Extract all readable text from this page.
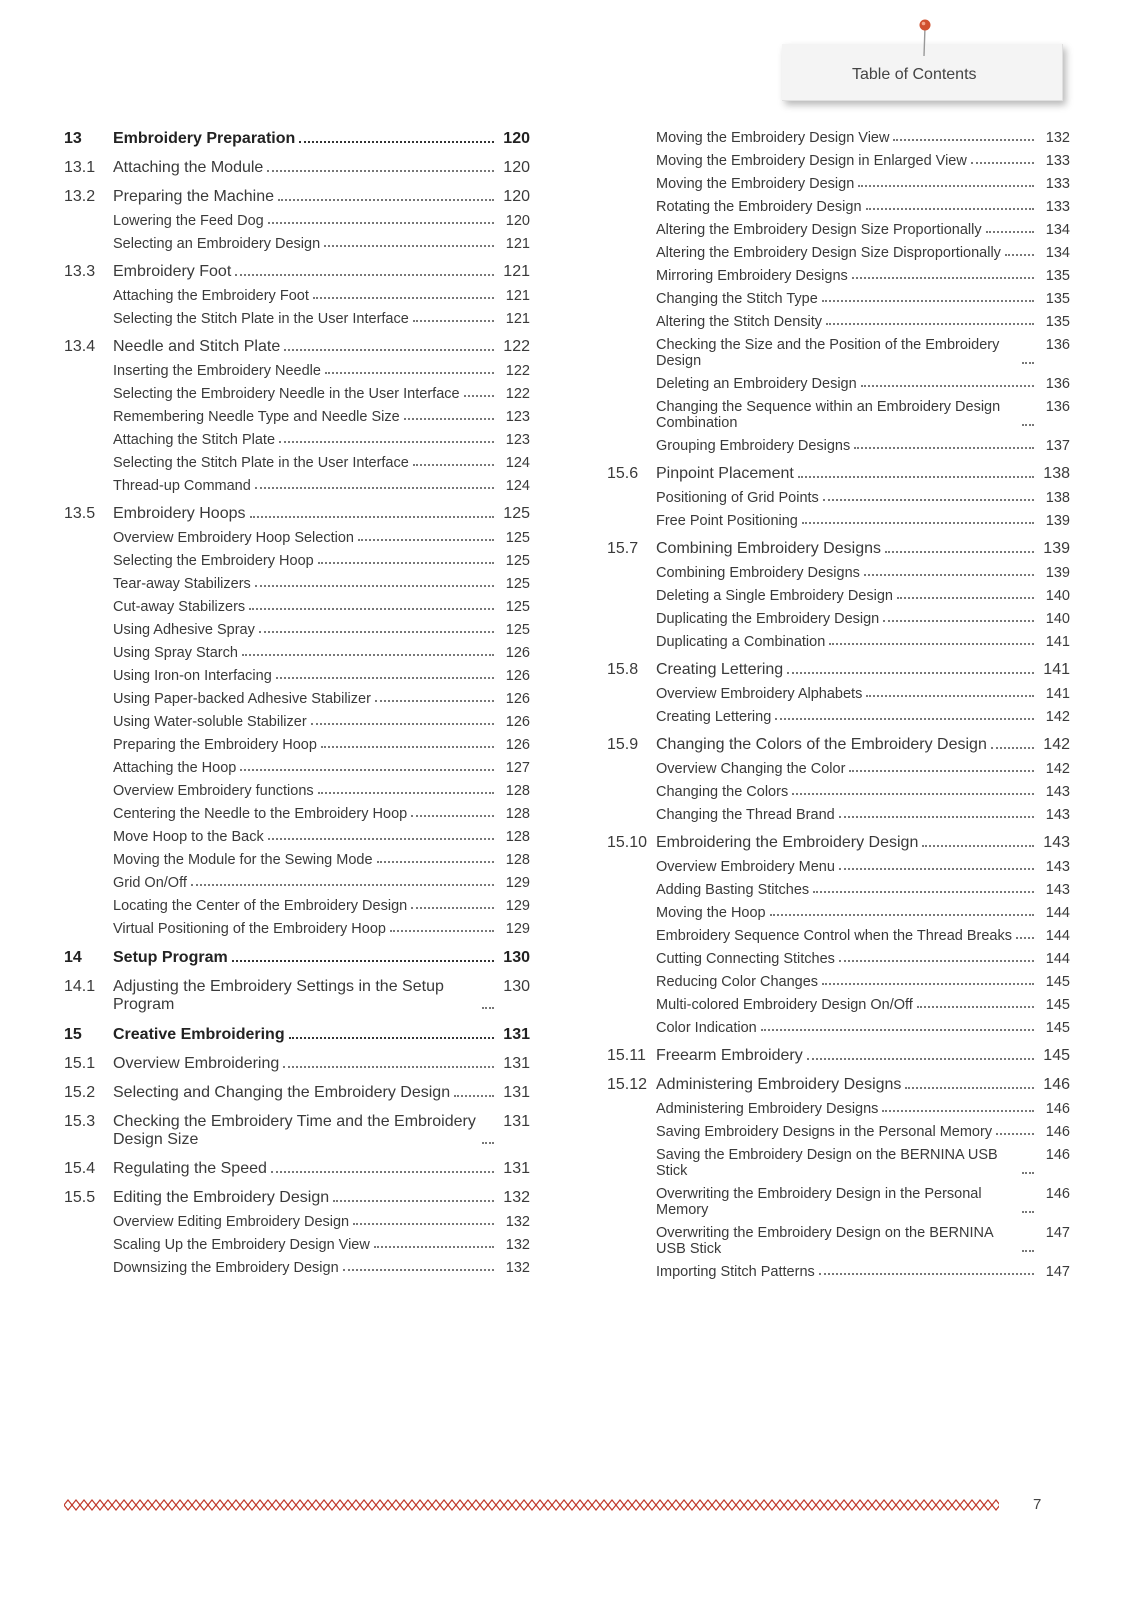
Table of Contents
13 Embroidery Preparation	120
13.1 Attaching the Module	120
13.2 Preparing the Machine	120
Lowering the Feed Dog	120
Selecting an Embroidery Design	121
13.3 Embroidery Foot	121
Attaching the Embroidery Foot	121
Selecting the Stitch Plate in the User Interface	121
13.4 Needle and Stitch Plate	122
Inserting the Embroidery Needle	122
Selecting the Embroidery Needle in the User Interface	122
Remembering Needle Type and Needle Size	123
Attaching the Stitch Plate	123
Selecting the Stitch Plate in the User Interface	124
Thread-up Command	124
13.5 Embroidery Hoops	125
Overview Embroidery Hoop Selection	125
Selecting the Embroidery Hoop	125
Tear-away Stabilizers	125
Cut-away Stabilizers	125
Using Adhesive Spray	125
Using Spray Starch	126
Using Iron-on Interfacing	126
Using Paper-backed Adhesive Stabilizer	126
Using Water-soluble Stabilizer	126
Preparing the Embroidery Hoop	126
Attaching the Hoop	127
Overview Embroidery functions	128
Centering the Needle to the Embroidery Hoop	128
Move Hoop to the Back	128
Moving the Module for the Sewing Mode	128
Grid On/Off	129
Locating the Center of the Embroidery Design	129
Virtual Positioning of the Embroidery Hoop	129
14 Setup Program	130
14.1 Adjusting the Embroidery Settings in the Setup Program
130
15 Creative Embroidering	131
15.1 Overview Embroidering	131
15.2 Selecting and Changing the Embroidery Design	131
15.3 Checking the Embroidery Time and the Embroidery Design Size
131
15.4 Regulating the Speed	131
15.5 Editing the Embroidery Design	132
Overview Editing Embroidery Design	132
Scaling Up the Embroidery Design View	132
Downsizing the Embroidery Design	132
Moving the Embroidery Design View	132
Moving the Embroidery Design in Enlarged View	133
Moving the Embroidery Design	133
Rotating the Embroidery Design	133
Altering the Embroidery Design Size Proportionally	134
Altering the Embroidery Design Size Disproportionally	134
Mirroring Embroidery Designs	135
Changing the Stitch Type	135
Altering the Stitch Density	135
Checking the Size and the Position of the Embroidery Design
136
Deleting an Embroidery Design	136
Changing the Sequence within an Embroidery Design Combination
136
Grouping Embroidery Designs	137
15.6 Pinpoint Placement	138
Positioning of Grid Points	138
Free Point Positioning	139
15.7 Combining Embroidery Designs	139
Combining Embroidery Designs	139
Deleting a Single Embroidery Design	140
Duplicating the Embroidery Design	140
Duplicating a Combination	141
15.8 Creating Lettering	141
Overview Embroidery Alphabets	141
Creating Lettering	142
15.9 Changing the Colors of the Embroidery Design	142
Overview Changing the Color	142
Changing the Colors	143
Changing the Thread Brand	143
15.10 Embroidering the Embroidery Design	143
Overview Embroidery Menu	143
Adding Basting Stitches	143
Moving the Hoop	144
Embroidery Sequence Control when the Thread Breaks	144
Cutting Connecting Stitches	144
Reducing Color Changes	145
Multi-colored Embroidery Design On/Off	145
Color Indication	145
15.11 Freearm Embroidery	145
15.12 Administering Embroidery Designs	146
Administering Embroidery Designs	146
Saving Embroidery Designs in the Personal Memory	146
Saving the Embroidery Design on the BERNINA USB Stick
146
Overwriting the Embroidery Design in the Personal Memory
146
Overwriting the Embroidery Design on the BERNINA USB Stick
147
Importing Stitch Patterns	147
7
